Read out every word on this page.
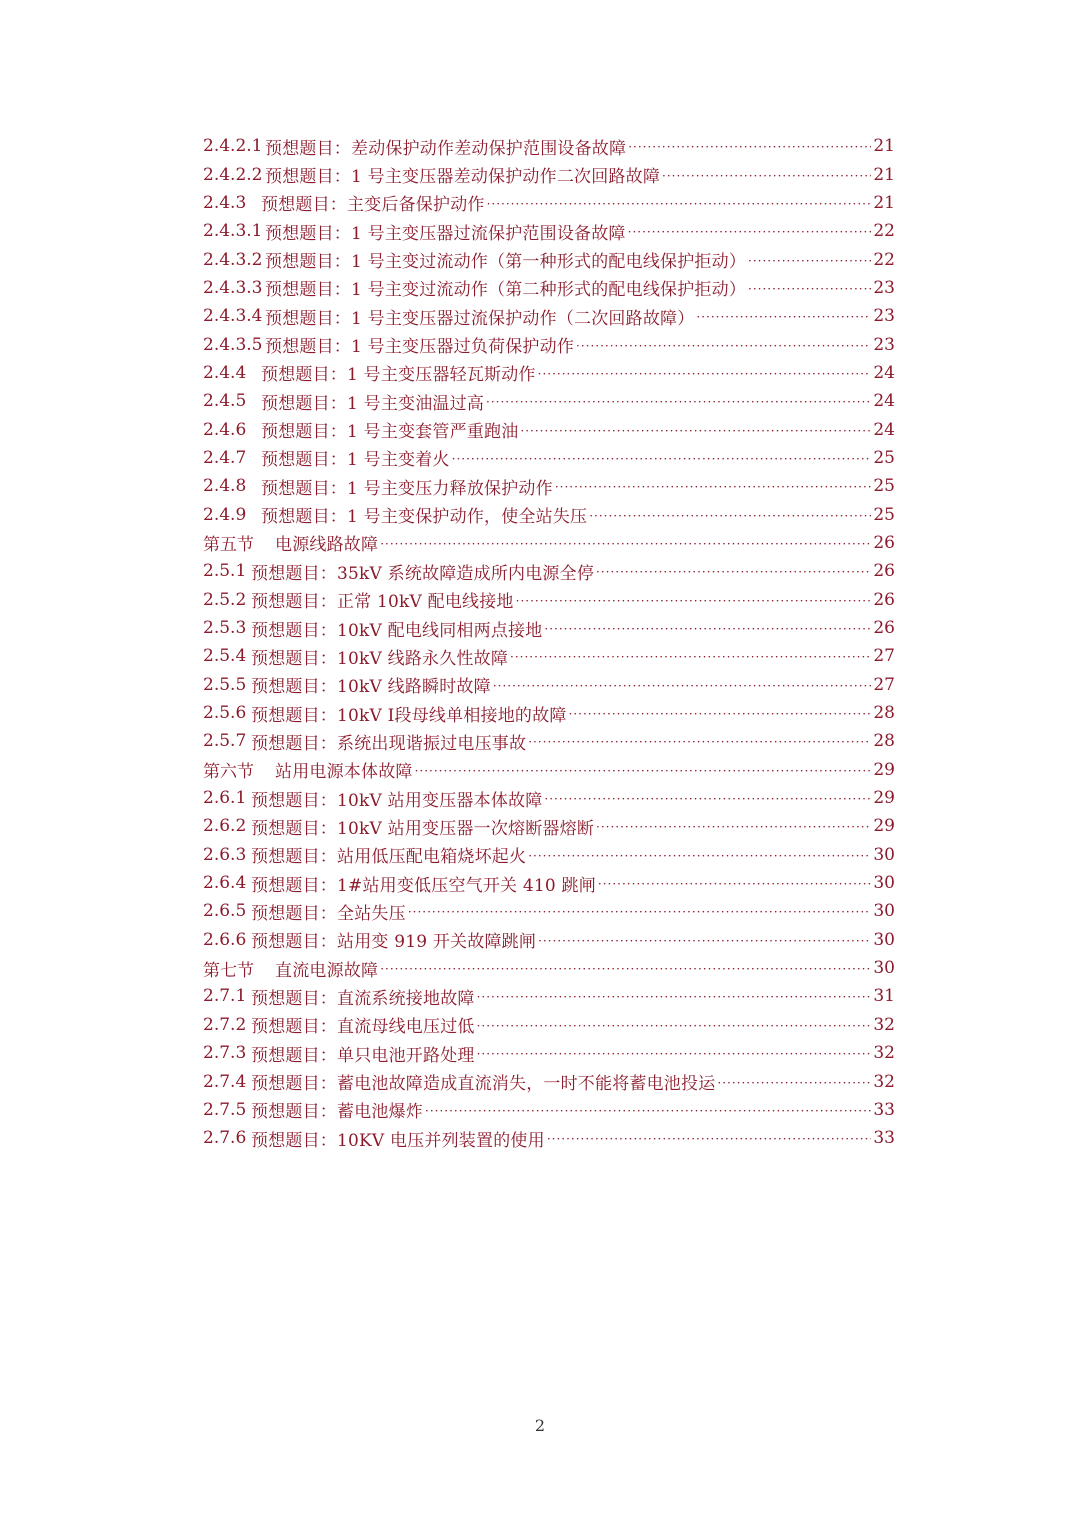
2.4.2.1 预想题目：差动保护动作差动保护范围设备故障 ·····	21
2.4.2.2 预想题目：1 号主变压器差动保护动作二次回路故障 ·····	21
2.4.3 预想题目：主变后备保护动作 ·····	21
2.4.3.1 预想题目：1 号主变压器过流保护范围设备故障 ·····	22
2.4.3.2 预想题目：1 号主变过流动作（第一种形式的配电线保护拒动） ·····	22
2.4.3.3 预想题目：1 号主变过流动作（第二种形式的配电线保护拒动） ·····	23
2.4.3.4 预想题目：1 号主变压器过流保护动作（二次回路故障） ·····	23
2.4.3.5 预想题目：1 号主变压器过负荷保护动作 ·····	23
2.4.4 预想题目：1 号主变压器轻瓦斯动作 ·····	24
2.4.5 预想题目：1 号主变油温过高 ·····	24
2.4.6 预想题目：1 号主变套管严重跑油 ·····	24
2.4.7 预想题目：1 号主变着火 ·····	25
2.4.8 预想题目：1 号主变压力释放保护动作 ·····	25
2.4.9 预想题目：1 号主变保护动作，使全站失压 ·····	25
第五节	电源线路故障 ·····	26
2.5.1 预想题目：35kV 系统故障造成所内电源全停 ·····	26
2.5.2 预想题目：正常 10kV 配电线接地 ·····	26
2.5.3 预想题目：10kV 配电线同相两点接地 ·····	26
2.5.4 预想题目：10kV 线路永久性故障 ·····	27
2.5.5 预想题目：10kV 线路瞬时故障 ·····	27
2.5.6 预想题目：10kV Ⅰ段母线单相接地的故障 ·····	28
2.5.7 预想题目：系统出现谐振过电压事故 ·····	28
第六节	站用电源本体故障 ·····	29
2.6.1 预想题目：10kV 站用变压器本体故障 ·····	29
2.6.2 预想题目：10kV 站用变压器一次熔断器熔断 ·····	29
2.6.3 预想题目：站用低压配电箱烧坏起火 ·····	30
2.6.4 预想题目：1#站用变低压空气开关 410 跳闸 ·····	30
2.6.5 预想题目：全站失压 ·····	30
2.6.6 预想题目：站用变 919 开关故障跳闸 ·····	30
第七节	直流电源故障 ·····	30
2.7.1 预想题目：直流系统接地故障 ·····	31
2.7.2 预想题目：直流母线电压过低 ·····	32
2.7.3 预想题目：单只电池开路处理 ·····	32
2.7.4 预想题目：蓄电池故障造成直流消失，一时不能将蓄电池投运 ·····	32
2.7.5 预想题目：蓄电池爆炸 ·····	33
2.7.6 预想题目：10KV 电压并列装置的使用 ·····	33
2
